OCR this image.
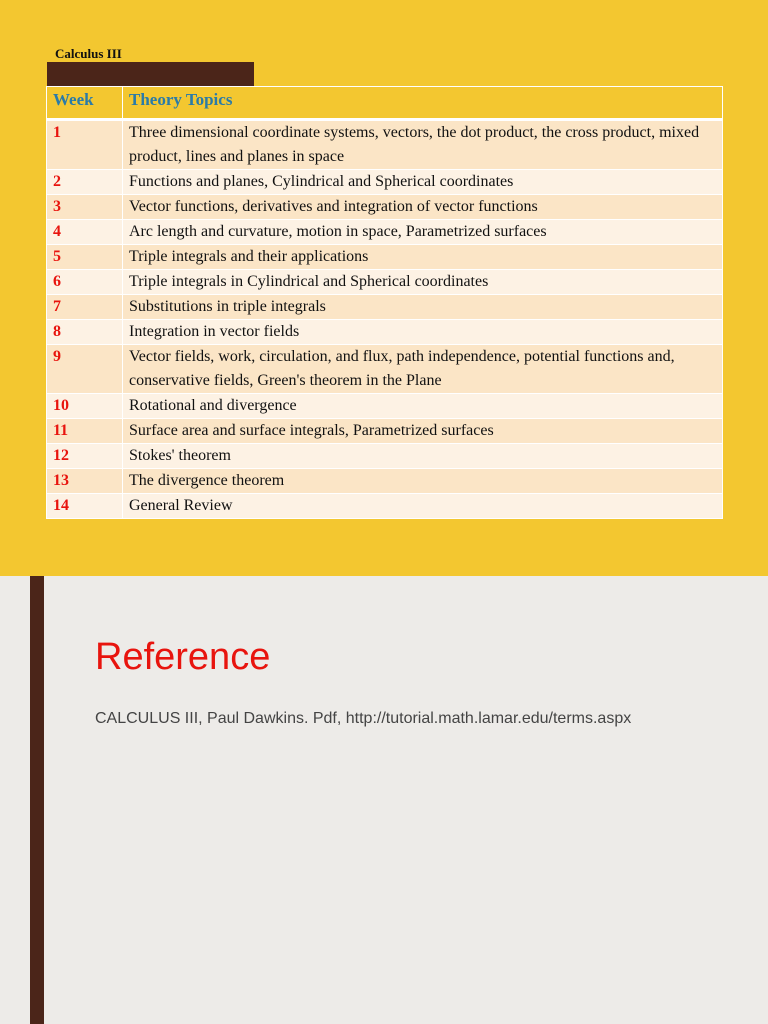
Calculus III
Week	Theory Topics
1	Three dimensional coordinate systems, vectors, the dot product, the cross product, mixed product, lines and planes in space
2	Functions and planes, Cylindrical and Spherical coordinates
3	Vector functions, derivatives and integration of vector functions
4	Arc length and curvature, motion in space, Parametrized surfaces
5	Triple integrals and their applications
6	Triple integrals in Cylindrical and Spherical coordinates
7	Substitutions in triple integrals
8	Integration in vector fields
9	Vector fields, work, circulation, and flux, path independence, potential functions and, conservative fields, Green's theorem in the Plane
10	Rotational and divergence
11	Surface area and surface integrals, Parametrized surfaces
12	Stokes' theorem
13	The divergence theorem
14	General Review
Reference
CALCULUS III, Paul Dawkins. Pdf, http://tutorial.math.lamar.edu/terms.aspx
